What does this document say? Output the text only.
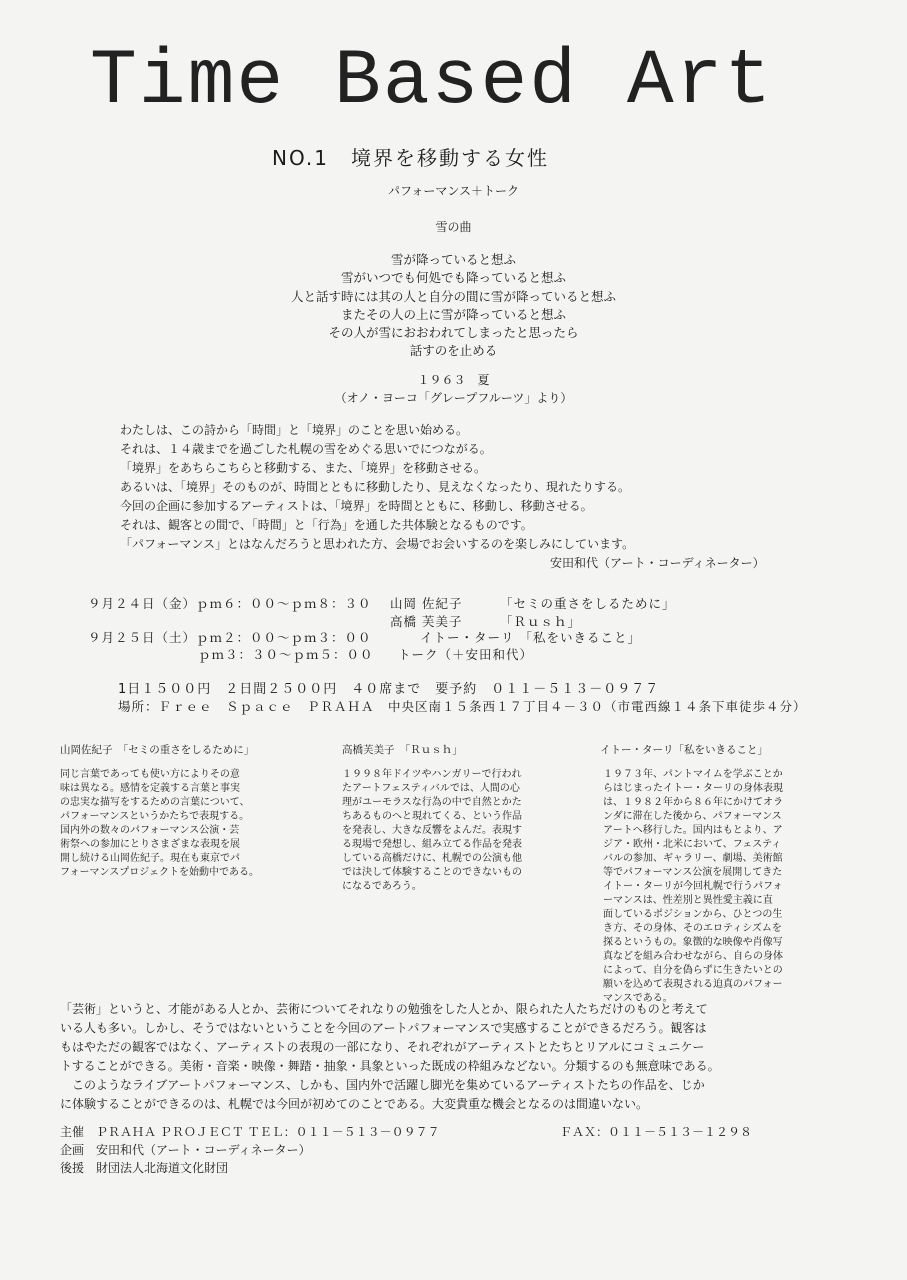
Time Based Art
NO.1　境界を移動する女性
パフォーマンス＋トーク
雪の曲
雪が降っていると想ふ
雪がいつでも何処でも降っていると想ふ
人と話す時には其の人と自分の間に雪が降っていると想ふ
またその人の上に雪が降っていると想ふ
その人が雪におおわれてしまったと思ったら
話すのを止める
１９６３　夏
（オノ・ヨーコ「グレープフルーツ」より）
わたしは、この詩から「時間」と「境界」のことを思い始める。
それは、１４歳までを過ごした札幌の雪をめぐる思いでにつながる。
「境界」をあちらこちらと移動する、また、「境界」を移動させる。
あるいは、「境界」そのものが、時間とともに移動したり、見えなくなったり、現れたりする。
今回の企画に参加するアーティストは、「境界」を時間とともに、移動し、移動させる。
それは、観客との間で、「時間」と「行為」を通した共体験となるものです。
「パフォーマンス」とはなんだろうと思われた方、会場でお会いするのを楽しみにしています。
安田和代（アート・コーディネーター）
９月２４日（金）ｐｍ６：００～ｐｍ８：３０ 山岡 佐紀子	「セミの重さをしるために」
高橋 芙美子	「Ｒｕｓｈ」
９月２５日（土）ｐｍ２：００～ｐｍ３：００	イトー・ターリ 「私をいきること」
ｐｍ３：３０～ｐｍ５：００ トーク（＋安田和代）
1日１５００円　２日間２５００円　４０席まで　要予約　０１１－５１３－０９７７
場所：Ｆｒｅｅ　Ｓｐａｃｅ　ＰＲＡＨＡ　中央区南１５条西１７丁目４－３０（市電西線１４条下車徒歩４分）
山岡佐紀子　「セミの重さをしるために」
同じ言葉であっても使い方によりその意
味は異なる。感情を定義する言葉と事実
の忠実な描写をするための言葉について、
パフォーマンスというかたちで表現する。
国内外の数々のパフォーマンス公演・芸
術祭への参加にとりさまざまな表現を展
開し続ける山岡佐紀子。現在も東京でパ
フォーマンスプロジェクトを始動中である。
高橋芙美子　「Ｒｕｓｈ」
１９９８年ドイツやハンガリーで行われ
たアートフェスティバルでは、人間の心
理がユーモラスな行為の中で自然とかた
ちあるものへと現れてくる、という作品
を発表し、大きな反響をよんだ。表現す
る現場で発想し、組み立てる作品を発表
している高橋だけに、札幌での公演も他
では決して体験することのできないもの
になるであろう。
イトー・ターリ「私をいきること」
１９７３年、パントマイムを学ぶことか
らはじまったイトー・ターリの身体表現
は、１９８２年から８６年にかけてオラ
ンダに滞在した後から、パフォーマンス
アートへ移行した。国内はもとより、ア
ジア・欧州・北米において、フェスティ
バルの参加、ギャラリー、劇場、美術館
等でパフォーマンス公演を展開してきた
イトー・ターリが今回札幌で行うパフォ
ーマンスは、性差別と異性愛主義に直
面しているポジションから、ひとつの生
き方、その身体、そのエロティシズムを
探るというもの。象徴的な映像や肖像写
真などを組み合わせながら、自らの身体
によって、自分を偽らずに生きたいとの
願いを込めて表現される迫真のパフォー
マンスである。
「芸術」というと、才能がある人とか、芸術についてそれなりの勉強をした人とか、限られた人たちだけのものと考えて
いる人も多い。しかし、そうではないということを今回のアートパフォーマンスで実感することができるだろう。観客は
もはやただの観客ではなく、アーティストの表現の一部になり、それぞれがアーティストとたちとリアルにコミュニケー
トすることができる。美術・音楽・映像・舞踏・抽象・具象といった既成の枠組みなどない。分類するのも無意味である。
　このようなライブアートパフォーマンス、しかも、国内外で活躍し脚光を集めているアーティストたちの作品を、じか
に体験することができるのは、札幌では今回が初めてのことである。大変貴重な機会となるのは間違いない。
主催　ＰＲＡＨＡ ＰＲＯＪＥＣＴ ＴＥＬ：０１１－５１３－０９７７	ＦＡＸ：０１１－５１３－１２９８
企画　安田和代（アート・コーディネーター）
後援　財団法人北海道文化財団
